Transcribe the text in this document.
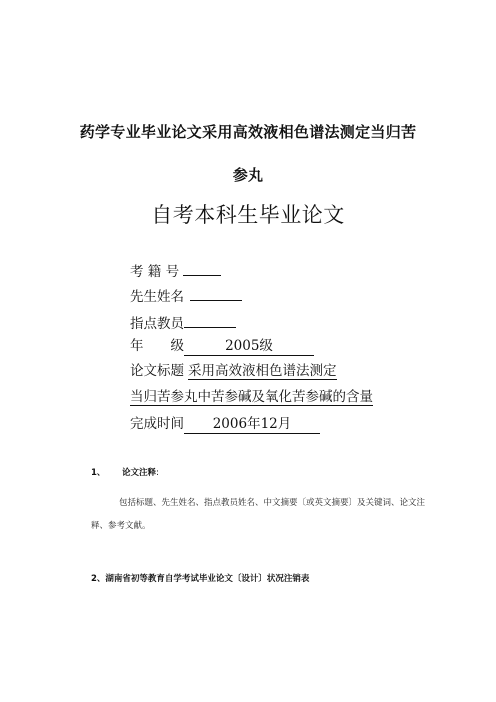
药学专业毕业论文采用高效液相色谱法测定当归苦
参丸
自考本科生毕业论文
考 籍 号
先生姓名
指点教员
年　　级	2005级
论文标题 采用高效液相色谱法测定
当归苦参丸中苦参碱及氧化苦参碱的含量
完成时间 2006年12月
1、 论文注释:
包括标题、先生姓名、指点教员姓名、中文摘要〔或英文摘要〕及关键词、论文注
释、参考文献。
2、湖南省初等教育自学考试毕业论文〔设计〕状况注销表
